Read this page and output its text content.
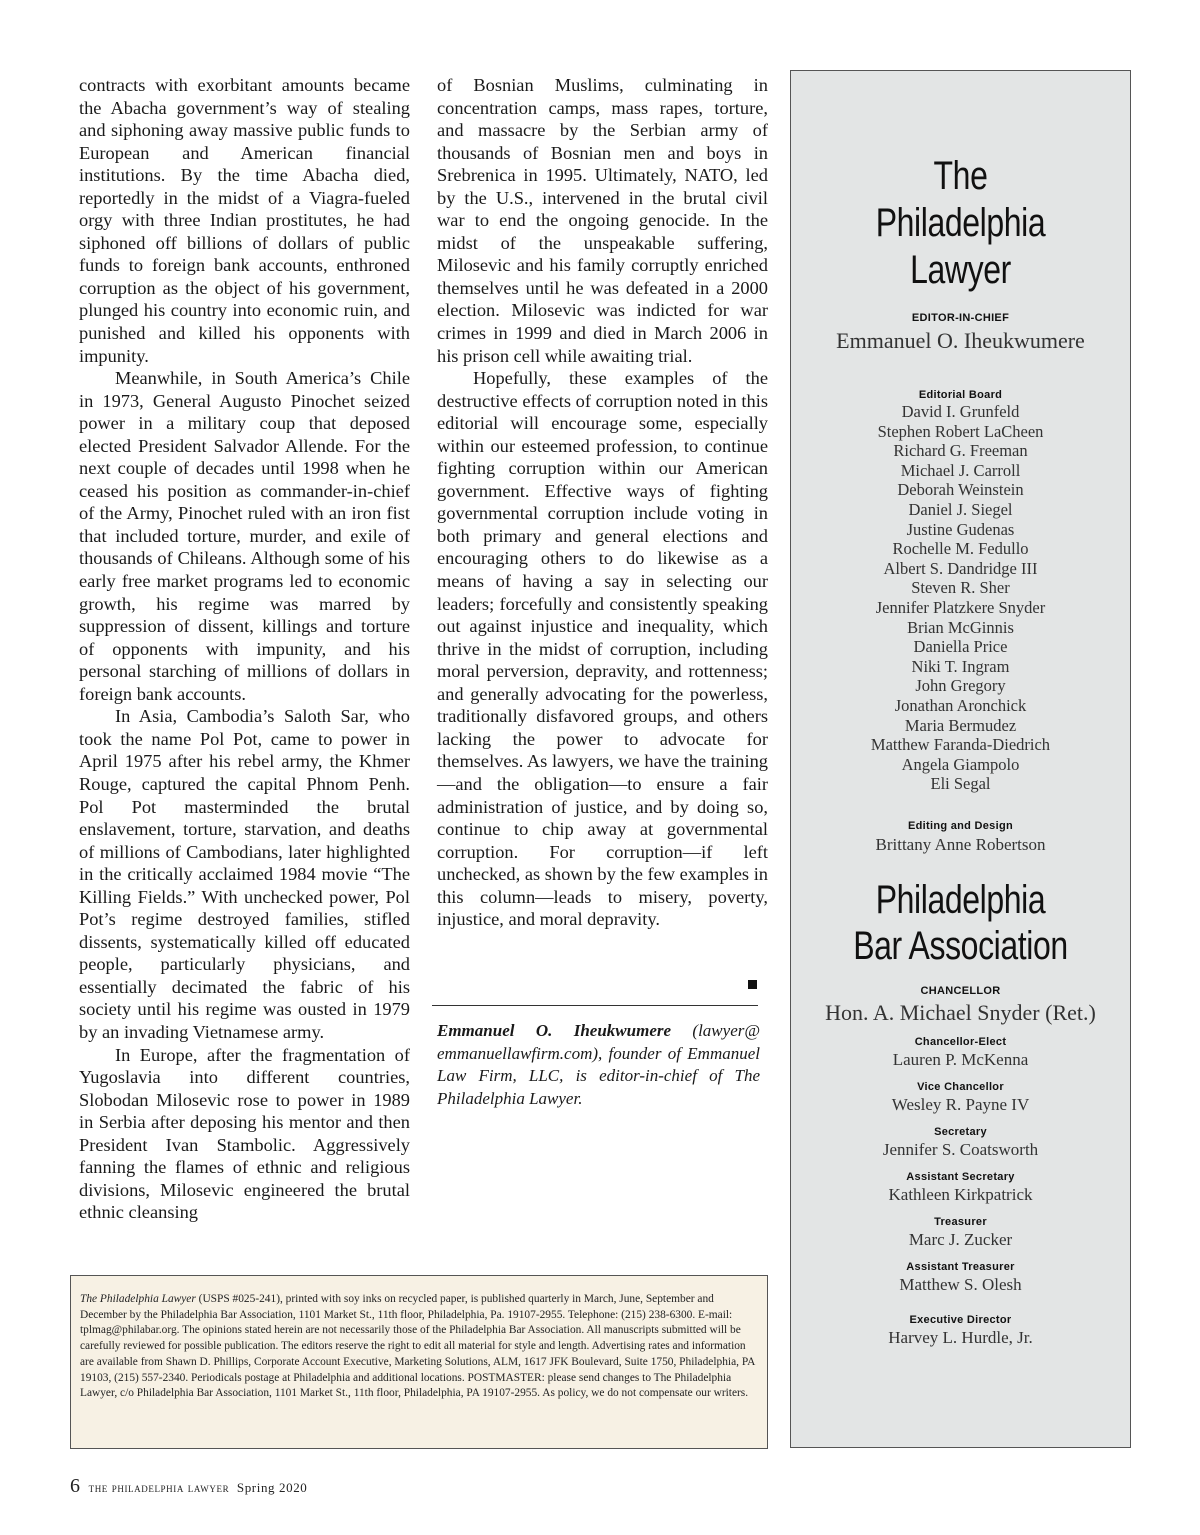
contracts with exorbitant amounts became the Abacha government’s way of stealing and siphoning away massive public funds to European and American financial institutions. By the time Abacha died, reportedly in the midst of a Viagra-fueled orgy with three Indian prostitutes, he had siphoned off billions of dollars of public funds to foreign bank accounts, enthroned corruption as the object of his government, plunged his country into economic ruin, and punished and killed his opponents with impunity.

Meanwhile, in South America’s Chile in 1973, General Augusto Pinochet seized power in a military coup that deposed elected President Salvador Allende. For the next couple of decades until 1998 when he ceased his position as commander-in-chief of the Army, Pinochet ruled with an iron fist that included torture, murder, and exile of thousands of Chileans. Although some of his early free market programs led to economic growth, his regime was marred by suppression of dissent, killings and torture of opponents with impunity, and his personal starching of millions of dollars in foreign bank accounts.

In Asia, Cambodia’s Saloth Sar, who took the name Pol Pot, came to power in April 1975 after his rebel army, the Khmer Rouge, captured the capital Phnom Penh. Pol Pot masterminded the brutal enslavement, torture, starvation, and deaths of millions of Cambodians, later highlighted in the critically acclaimed 1984 movie “The Killing Fields.” With unchecked power, Pol Pot’s regime destroyed families, stifled dissents, systematically killed off educated people, particularly physicians, and essentially decimated the fabric of his society until his regime was ousted in 1979 by an invading Vietnamese army.

In Europe, after the fragmentation of Yugoslavia into different countries, Slobodan Milosevic rose to power in 1989 in Serbia after deposing his mentor and then President Ivan Stambolic. Aggressively fanning the flames of ethnic and religious divisions, Milosevic engineered the brutal ethnic cleansing

of Bosnian Muslims, culminating in concentration camps, mass rapes, torture, and massacre by the Serbian army of thousands of Bosnian men and boys in Srebrenica in 1995. Ultimately, NATO, led by the U.S., intervened in the brutal civil war to end the ongoing genocide. In the midst of the unspeakable suffering, Milosevic and his family corruptly enriched themselves until he was defeated in a 2000 election. Milosevic was indicted for war crimes in 1999 and died in March 2006 in his prison cell while awaiting trial.

Hopefully, these examples of the destructive effects of corruption noted in this editorial will encourage some, especially within our esteemed profession, to continue fighting corruption within our American government. Effective ways of fighting governmental corruption include voting in both primary and general elections and encouraging others to do likewise as a means of having a say in selecting our leaders; forcefully and consistently speaking out against injustice and inequality, which thrive in the midst of corruption, including moral perversion, depravity, and rottenness; and generally advocating for the powerless, traditionally disfavored groups, and others lacking the power to advocate for themselves. As lawyers, we have the training—and the obligation—to ensure a fair administration of justice, and by doing so, continue to chip away at governmental corruption. For corruption—if left unchecked, as shown by the few examples in this column—leads to misery, poverty, injustice, and moral depravity.

Emmanuel O. Iheukwumere (lawyer@ emmanuellawfirm.com), founder of Emmanuel Law Firm, LLC, is editor-in-chief of The Philadelphia Lawyer.
The
Philadelphia
Lawyer
EDITOR-IN-CHIEF
Emmanuel O. Iheukwumere
Editorial Board
David I. Grunfeld
Stephen Robert LaCheen
Richard G. Freeman
Michael J. Carroll
Deborah Weinstein
Daniel J. Siegel
Justine Gudenas
Rochelle M. Fedullo
Albert S. Dandridge III
Steven R. Sher
Jennifer Platzkere Snyder
Brian McGinnis
Daniella Price
Niki T. Ingram
John Gregory
Jonathan Aronchick
Maria Bermudez
Matthew Faranda-Diedrich
Angela Giampolo
Eli Segal
Editing and Design
Brittany Anne Robertson
Philadelphia
Bar Association
CHANCELLOR
Hon. A. Michael Snyder (Ret.)
Chancellor-Elect
Lauren P. McKenna
Vice Chancellor
Wesley R. Payne IV
Secretary
Jennifer S. Coatsworth
Assistant Secretary
Kathleen Kirkpatrick
Treasurer
Marc J. Zucker
Assistant Treasurer
Matthew S. Olesh
Executive Director
Harvey L. Hurdle, Jr.
The Philadelphia Lawyer (USPS #025-241), printed with soy inks on recycled paper, is published quarterly in March, June, September and December by the Philadelphia Bar Association, 1101 Market St., 11th floor, Philadelphia, Pa. 19107-2955. Telephone: (215) 238-6300. E-mail: tplmag@philabar.org. The opinions stated herein are not necessarily those of the Philadelphia Bar Association. All manuscripts submitted will be carefully reviewed for possible publication. The editors reserve the right to edit all material for style and length. Advertising rates and information are available from Shawn D. Phillips, Corporate Account Executive, Marketing Solutions, ALM, 1617 JFK Boulevard, Suite 1750, Philadelphia, PA 19103, (215) 557-2340. Periodicals postage at Philadelphia and additional locations. POSTMASTER: please send changes to The Philadelphia Lawyer, c/o Philadelphia Bar Association, 1101 Market St., 11th floor, Philadelphia, PA 19107-2955. As policy, we do not compensate our writers.
6 the philadelphia lawyer Spring 2020
